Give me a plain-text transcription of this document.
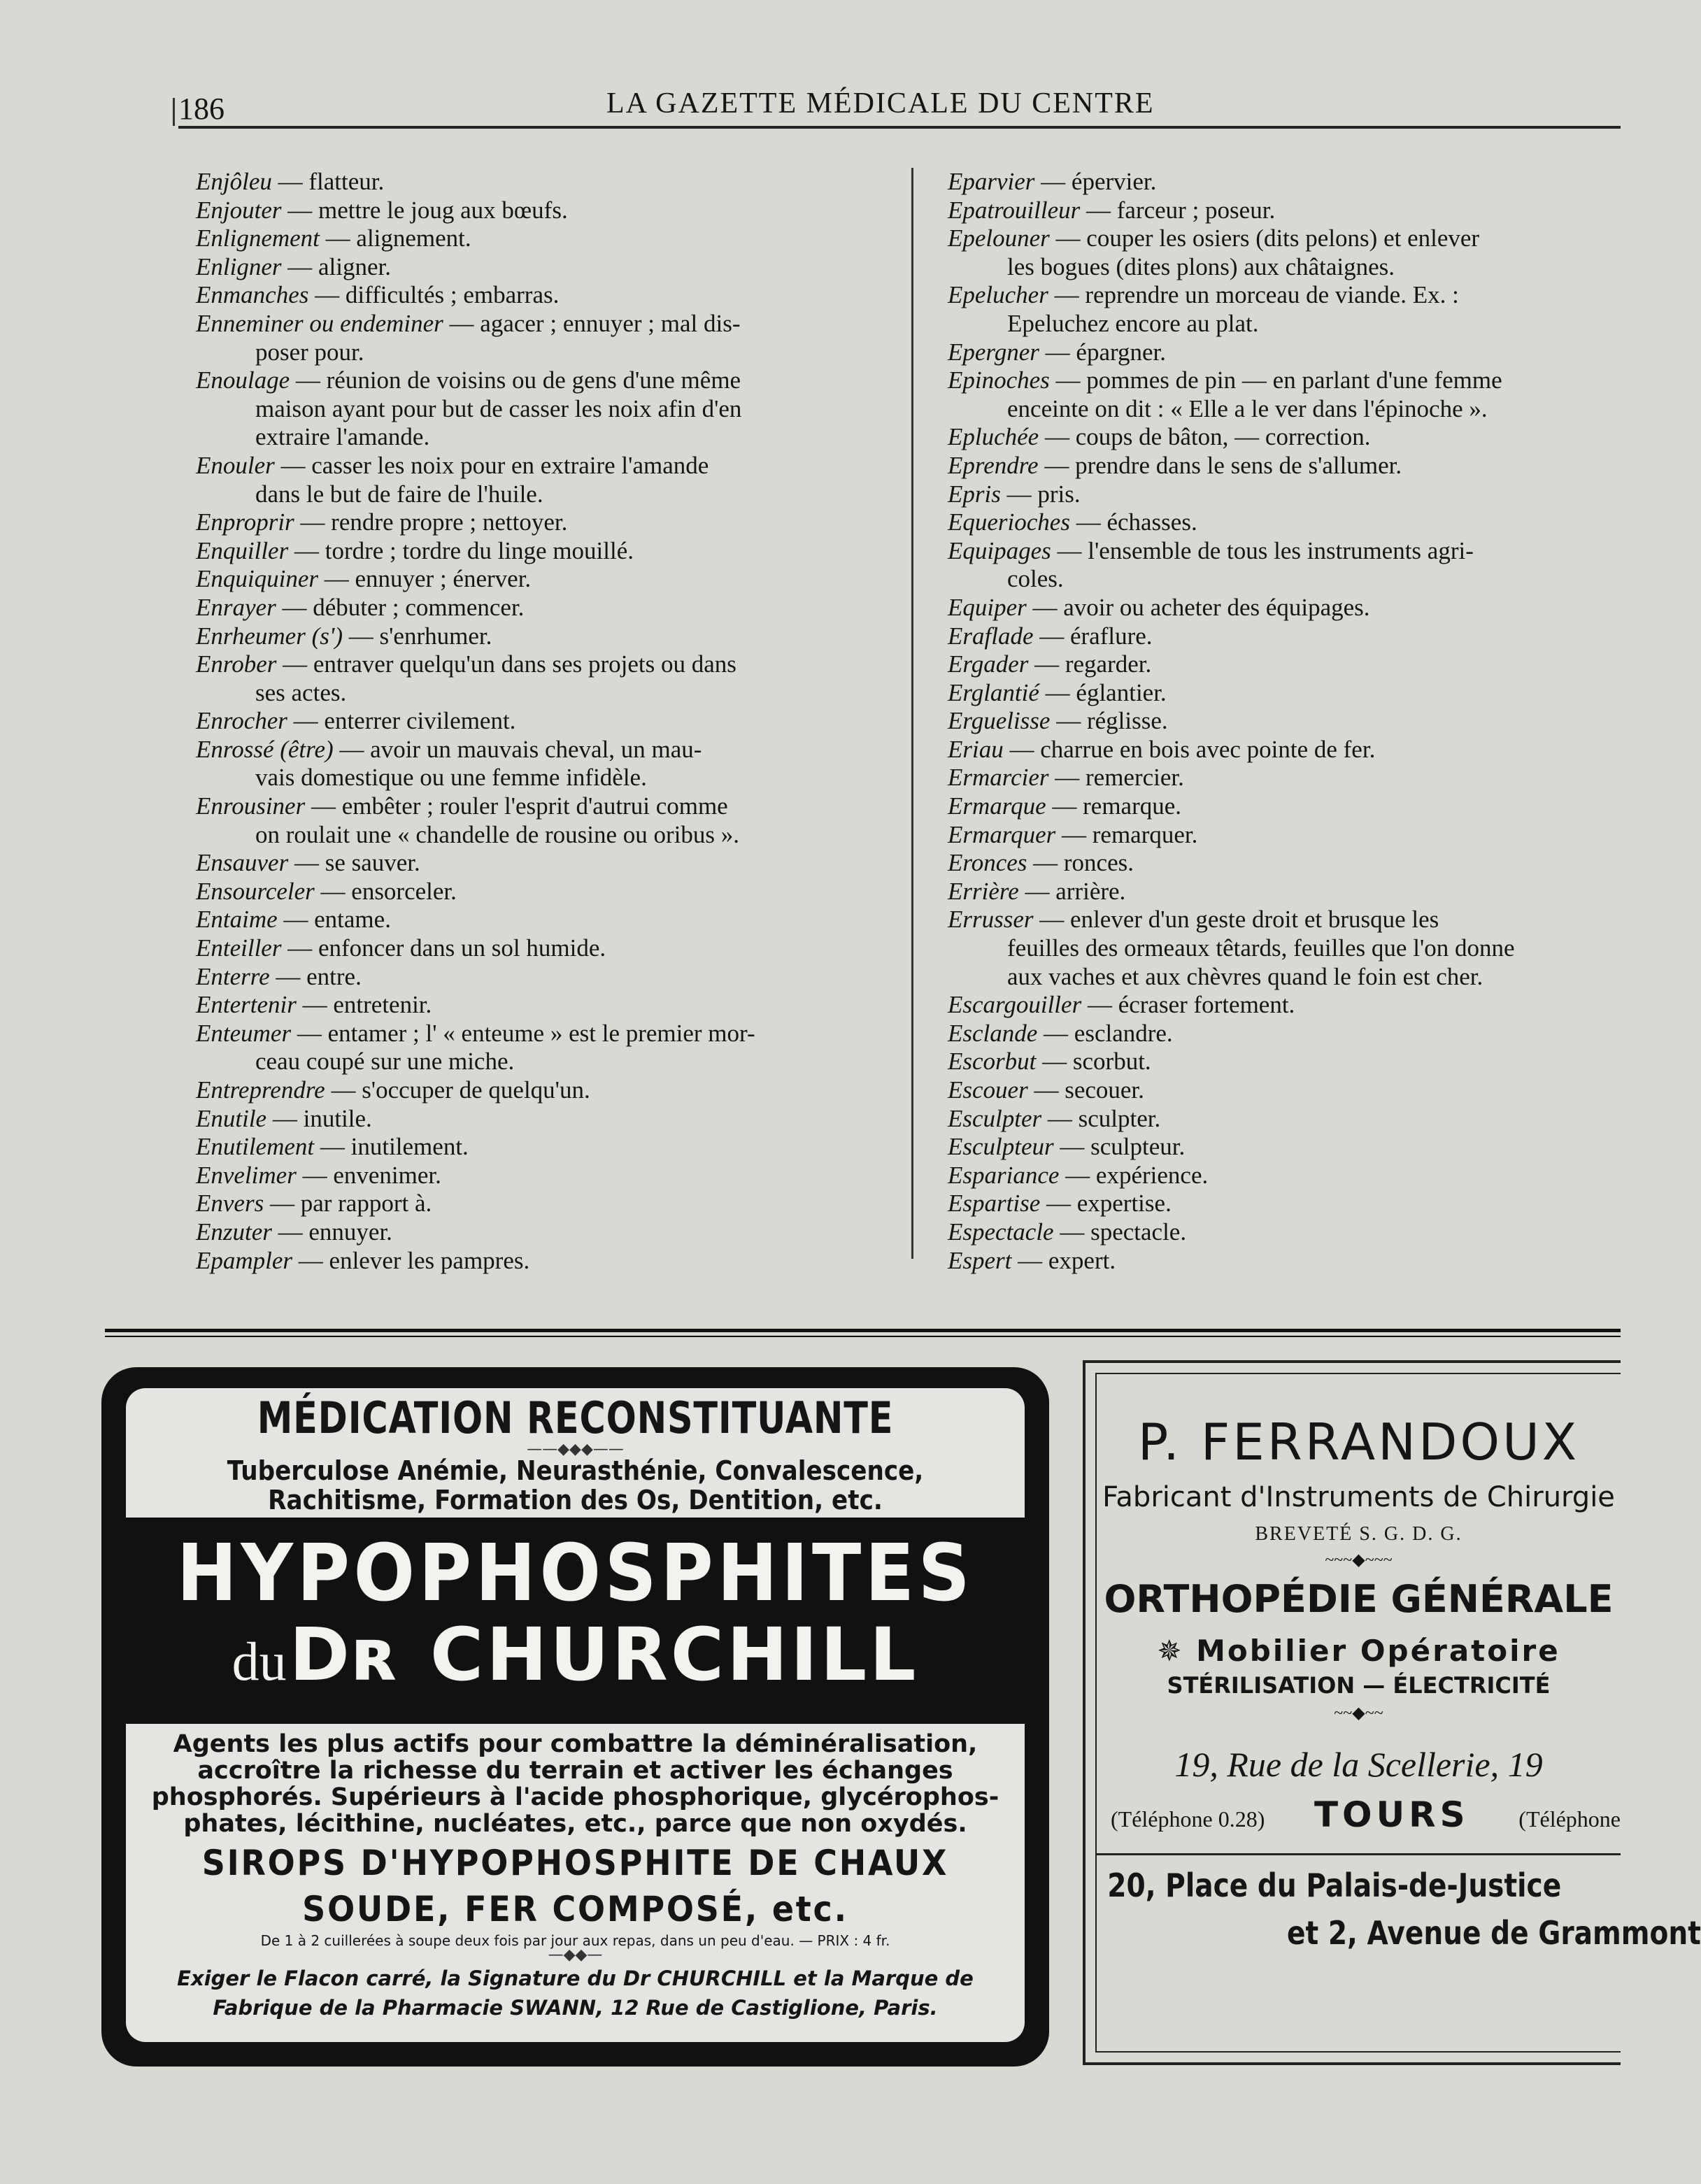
186	LA GAZETTE MÉDICALE DU CENTRE

Enjôleu — flatteur.

Enjouter — mettre le joug aux bœufs.

Enlignement — alignement.

Enligner — aligner.

Enmanches — difficultés ; embarras.

Enneminer ou endeminer — agacer ; ennuyer ; mal dis-

poser pour.

Enoulage — réunion de voisins ou de gens d'une même

maison ayant pour but de casser les noix afin d'en

extraire l'amande.

Enouler — casser les noix pour en extraire l'amande

dans le but de faire de l'huile.

Enproprir — rendre propre ; nettoyer.

Enquiller — tordre ; tordre du linge mouillé.

Enquiquiner — ennuyer ; énerver.

Enrayer — débuter ; commencer.

Enrheumer (s') — s'enrhumer.

Enrober — entraver quelqu'un dans ses projets ou dans

ses actes.

Enrocher — enterrer civilement.

Enrossé (être) — avoir un mauvais cheval, un mau-

vais domestique ou une femme infidèle.

Enrousiner — embêter ; rouler l'esprit d'autrui comme

on roulait une « chandelle de rousine ou oribus ».

Ensauver — se sauver.

Ensourceler — ensorceler.

Entaime — entame.

Enteiller — enfoncer dans un sol humide.

Enterre — entre.

Entertenir — entretenir.

Enteumer — entamer ; l' « enteume » est le premier mor-

ceau coupé sur une miche.

Entreprendre — s'occuper de quelqu'un.

Enutile — inutile.

Enutilement — inutilement.

Envelimer — envenimer.

Envers — par rapport à.

Enzuter — ennuyer.

Epampler — enlever les pampres.

Eparvier — épervier.

Epatrouilleur — farceur ; poseur.

Epelouner — couper les osiers (dits pelons) et enlever

les bogues (dites plons) aux châtaignes.

Epelucher — reprendre un morceau de viande. Ex. :

Epeluchez encore au plat.

Epergner — épargner.

Epinoches — pommes de pin — en parlant d'une femme

enceinte on dit : « Elle a le ver dans l'épinoche ».

Epluchée — coups de bâton, — correction.

Eprendre — prendre dans le sens de s'allumer.

Epris — pris.

Equerioches — échasses.

Equipages — l'ensemble de tous les instruments agri-

coles.

Equiper — avoir ou acheter des équipages.

Eraflade — éraflure.

Ergader — regarder.

Erglantié — églantier.

Erguelisse — réglisse.

Eriau — charrue en bois avec pointe de fer.

Ermarcier — remercier.

Ermarque — remarque.

Ermarquer — remarquer.

Eronces — ronces.

Errière — arrière.

Errusser — enlever d'un geste droit et brusque les

feuilles des ormeaux têtards, feuilles que l'on donne

aux vaches et aux chèvres quand le foin est cher.

Escargouiller — écraser fortement.

Esclande — esclandre.

Escorbut — scorbut.

Escouer — secouer.

Esculpter — sculpter.

Esculpteur — sculpteur.

Espariance — expérience.

Espartise — expertise.

Espectacle — spectacle.

Espert — expert.

MÉDICATION RECONSTITUANTE
——◆◆◆——
Tuberculose Anémie, Neurasthénie, Convalescence,
Rachitisme, Formation des Os, Dentition, etc.
HYPOPHOSPHITES
du Dʀ CHURCHILL
Agents les plus actifs pour combattre la déminéralisation,
accroître la richesse du terrain et activer les échanges
phosphorés. Supérieurs à l'acide phosphorique, glycérophos-
phates, lécithine, nucléates, etc., parce que non oxydés.
SIROPS D'HYPOPHOSPHITE DE CHAUX
SOUDE, FER COMPOSÉ, etc.
De 1 à 2 cuillerées à soupe deux fois par jour aux repas, dans un peu d'eau. — PRIX : 4 fr.
—◆◆—
Exiger le Flacon carré, la Signature du Dr CHURCHILL et la Marque de
Fabrique de la Pharmacie SWANN, 12 Rue de Castiglione, Paris.
P. FERRANDOUX
Fabricant d'Instruments de Chirurgie
BREVETÉ S. G. D. G.
~~~◆~~~
ORTHOPÉDIE GÉNÉRALE
✵ Mobilier Opératoire
STÉRILISATION — ÉLECTRICITÉ
~~◆~~
19, Rue de la Scellerie, 19
(Téléphone 0.28) TOURS (Téléphone
20, Place du Palais-de-Justice
et 2, Avenue de Grammont
